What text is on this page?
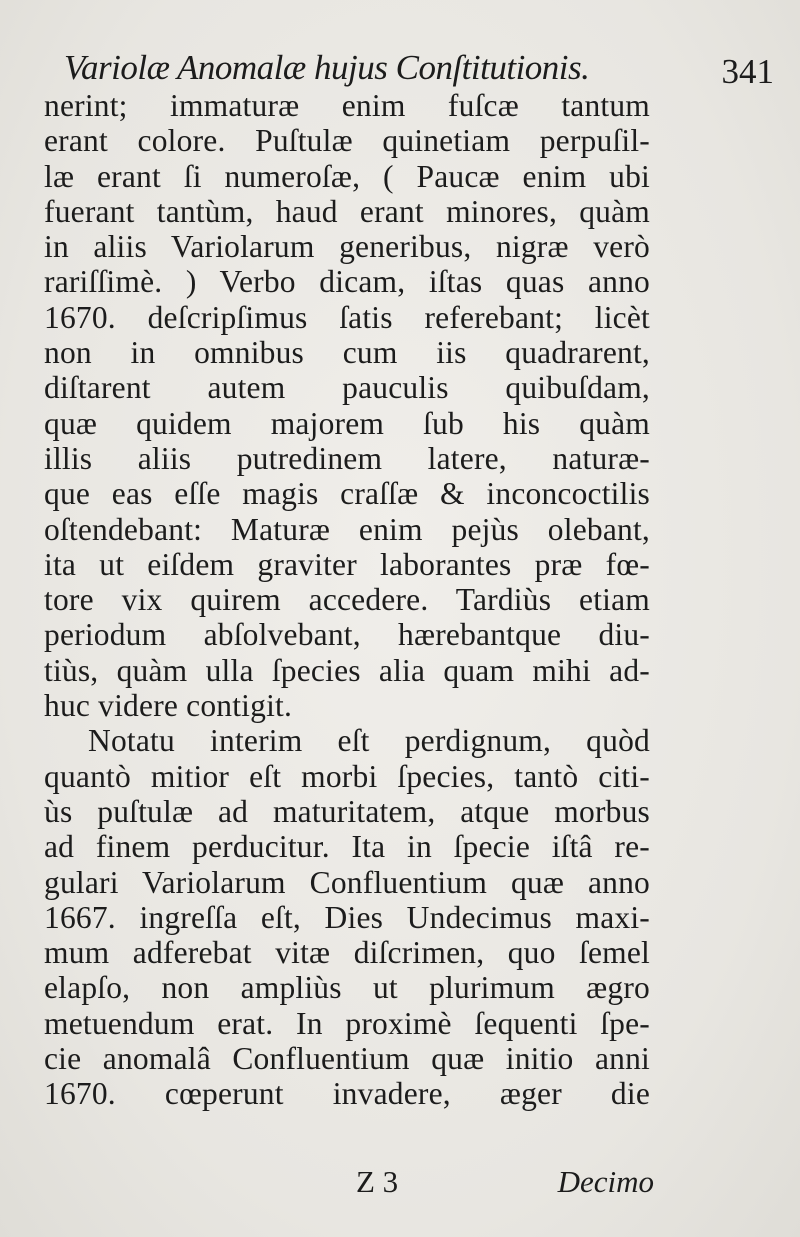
Variolæ Anomalæ hujus Conſtitutionis.	341

nerint; immaturæ enim fuſcæ tantum
erant colore. Puſtulæ quinetiam perpuſil-
læ erant ſi numeroſæ, ( Paucæ enim ubi
fuerant tantùm, haud erant minores, quàm
in aliis Variolarum generibus, nigræ verò
rariſſimè. ) Verbo dicam, iſtas quas anno
1670. deſcripſimus ſatis referebant; licèt
non in omnibus cum iis quadrarent,
diſtarent autem pauculis quibuſdam,
quæ quidem majorem ſub his quàm
illis aliis putredinem latere, naturæ-
que eas eſſe magis craſſæ & inconcoctilis
oſtendebant: Maturæ enim pejùs olebant,
ita ut eiſdem graviter laborantes præ fœ-
tore vix quirem accedere. Tardiùs etiam
periodum abſolvebant, hærebantque diu-
tiùs, quàm ulla ſpecies alia quam mihi ad-
huc videre contigit.

Notatu interim eſt perdignum, quòd
quantò mitior eſt morbi ſpecies, tantò citi-
ùs puſtulæ ad maturitatem, atque morbus
ad finem perducitur. Ita in ſpecie iſtâ re-
gulari Variolarum Confluentium quæ anno
1667. ingreſſa eſt, Dies Undecimus maxi-
mum adferebat vitæ diſcrimen, quo ſemel
elapſo, non ampliùs ut plurimum ægro
metuendum erat. In proximè ſequenti ſpe-
cie anomalâ Confluentium quæ initio anni
1670. cœperunt invadere, æger die

Z 3	Decimo
